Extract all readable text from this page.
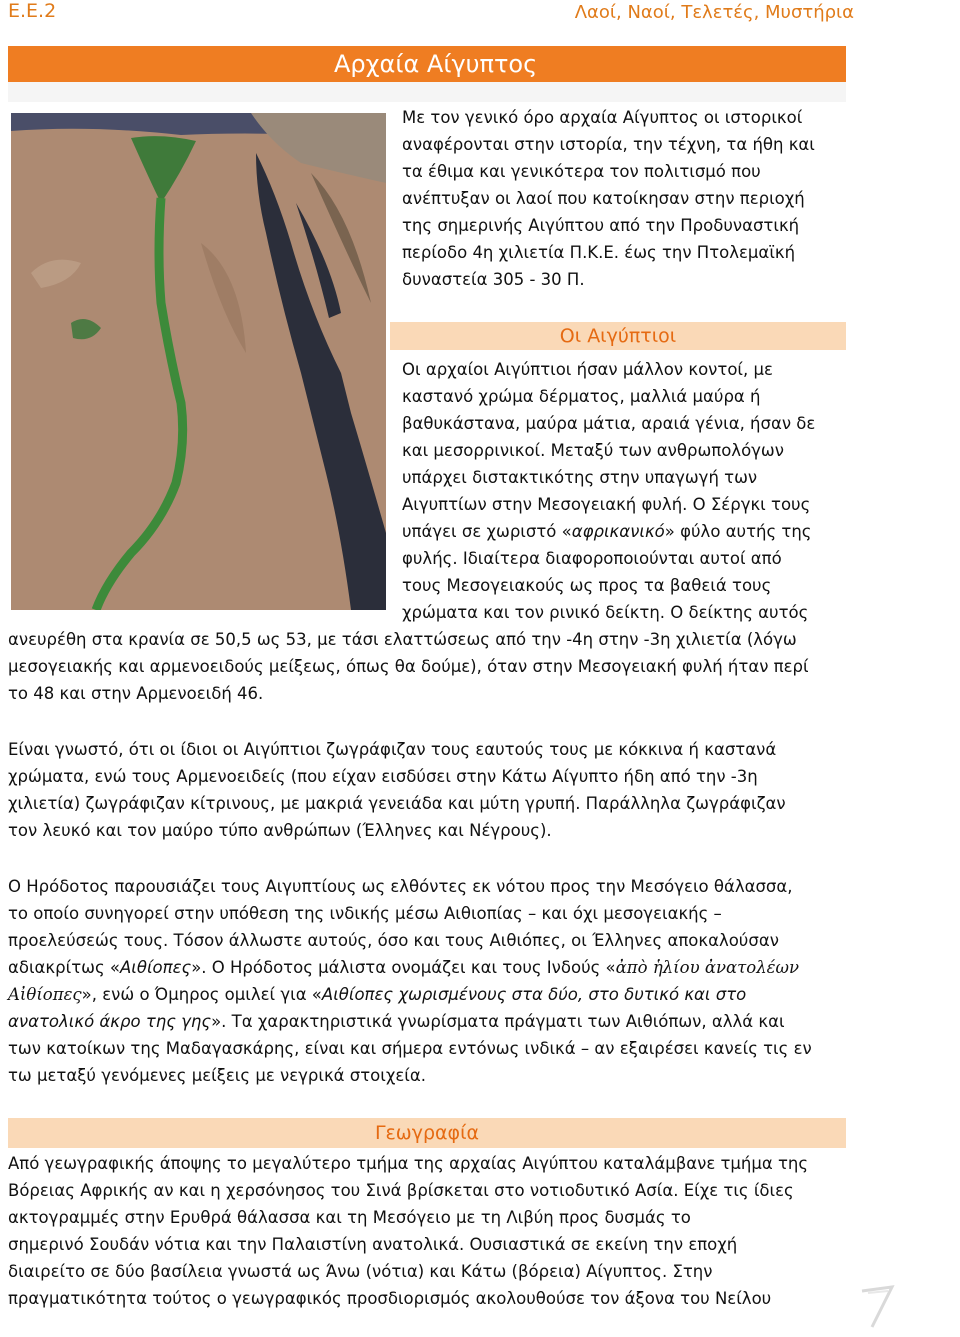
Ε.Ε.2	Λαοί, Ναοί, Τελετές, Μυστήρια
Αρχαία Αίγυπτος
Με τον γενικό όρο αρχαία Αίγυπτος οι ιστορικοί
αναφέρονται στην ιστορία, την τέχνη, τα ήθη και
τα έθιμα και γενικότερα τον πολιτισμό που
ανέπτυξαν οι λαοί που κατοίκησαν στην περιοχή
της σημερινής Αιγύπτου από την Προδυναστική
περίοδο 4η χιλιετία Π.Κ.Ε. έως την Πτολεμαϊκή
δυναστεία 305 - 30 Π.
Οι Αιγύπτιοι
Οι αρχαίοι Αιγύπτιοι ήσαν μάλλον κοντοί, με
καστανό χρώμα δέρματος, μαλλιά μαύρα ή
βαθυκάστανα, μαύρα μάτια, αραιά γένια, ήσαν δε
και μεσορρινικοί. Μεταξύ των ανθρωπολόγων
υπάρχει διστακτικότης στην υπαγωγή των
Αιγυπτίων στην Μεσογειακή φυλή. Ο Σέργκι τους
υπάγει σε χωριστό «αφρικανικό» φύλο αυτής της
φυλής. Ιδιαίτερα διαφοροποιούνται αυτοί από
τους Μεσογειακούς ως προς τα βαθειά τους
χρώματα και τον ρινικό δείκτη. Ο δείκτης αυτός
ανευρέθη στα κρανία σε 50,5 ως 53, με τάσι ελαττώσεως από την -4η στην -3η χιλιετία (λόγω
μεσογειακής και αρμενοειδούς μείξεως, όπως θα δούμε), όταν στην Μεσογειακή φυλή ήταν περί
το 48 και στην Αρμενοειδή 46.
Είναι γνωστό, ότι οι ίδιοι οι Αιγύπτιοι ζωγράφιζαν τους εαυτούς τους με κόκκινα ή καστανά
χρώματα, ενώ τους Αρμενοειδείς (που είχαν εισδύσει στην Κάτω Αίγυπτο ήδη από την -3η
χιλιετία) ζωγράφιζαν κίτρινους, με μακριά γενειάδα και μύτη γρυπή. Παράλληλα ζωγράφιζαν
τον λευκό και τον μαύρο τύπο ανθρώπων (Έλληνες και Νέγρους).
Ο Ηρόδοτος παρουσιάζει τους Αιγυπτίους ως ελθόντες εκ νότου προς την Μεσόγειο θάλασσα,
το οποίο συνηγορεί στην υπόθεση της ινδικής μέσω Αιθιοπίας – και όχι μεσογειακής –
προελεύσεώς τους. Τόσον άλλωστε αυτούς, όσο και τους Αιθιόπες, οι Έλληνες αποκαλούσαν
αδιακρίτως «Αιθίοπες». Ο Ηρόδοτος μάλιστα ονομάζει και τους Ινδούς «ἀπὸ ἡλίου ἀνατολέων
Αἰθίοπες», ενώ ο Όμηρος ομιλεί για «Αιθίοπες χωρισμένους στα δύο, στο δυτικό και στο
ανατολικό άκρο της γης». Τα χαρακτηριστικά γνωρίσματα πράγματι των Αιθιόπων, αλλά και
των κατοίκων της Μαδαγασκάρης, είναι και σήμερα εντόνως ινδικά – αν εξαιρέσει κανείς τις εν
τω μεταξύ γενόμενες μείξεις με νεγρικά στοιχεία.
Γεωγραφία
Από γεωγραφικής άποψης το μεγαλύτερο τμήμα της αρχαίας Αιγύπτου καταλάμβανε τμήμα της
Βόρειας Αφρικής αν και η χερσόνησος του Σινά βρίσκεται στο νοτιοδυτικό Ασία. Είχε τις ίδιες
ακτογραμμές στην Ερυθρά θάλασσα και τη Μεσόγειο με τη Λιβύη προς δυσμάς το
σημερινό Σουδάν νότια και την Παλαιστίνη ανατολικά. Ουσιαστικά σε εκείνη την εποχή
διαιρείτο σε δύο βασίλεια γνωστά ως Άνω (νότια) και Κάτω (βόρεια) Αίγυπτος. Στην
πραγματικότητα τούτος ο γεωγραφικός προσδιορισμός ακολουθούσε τον άξονα του Νείλου
